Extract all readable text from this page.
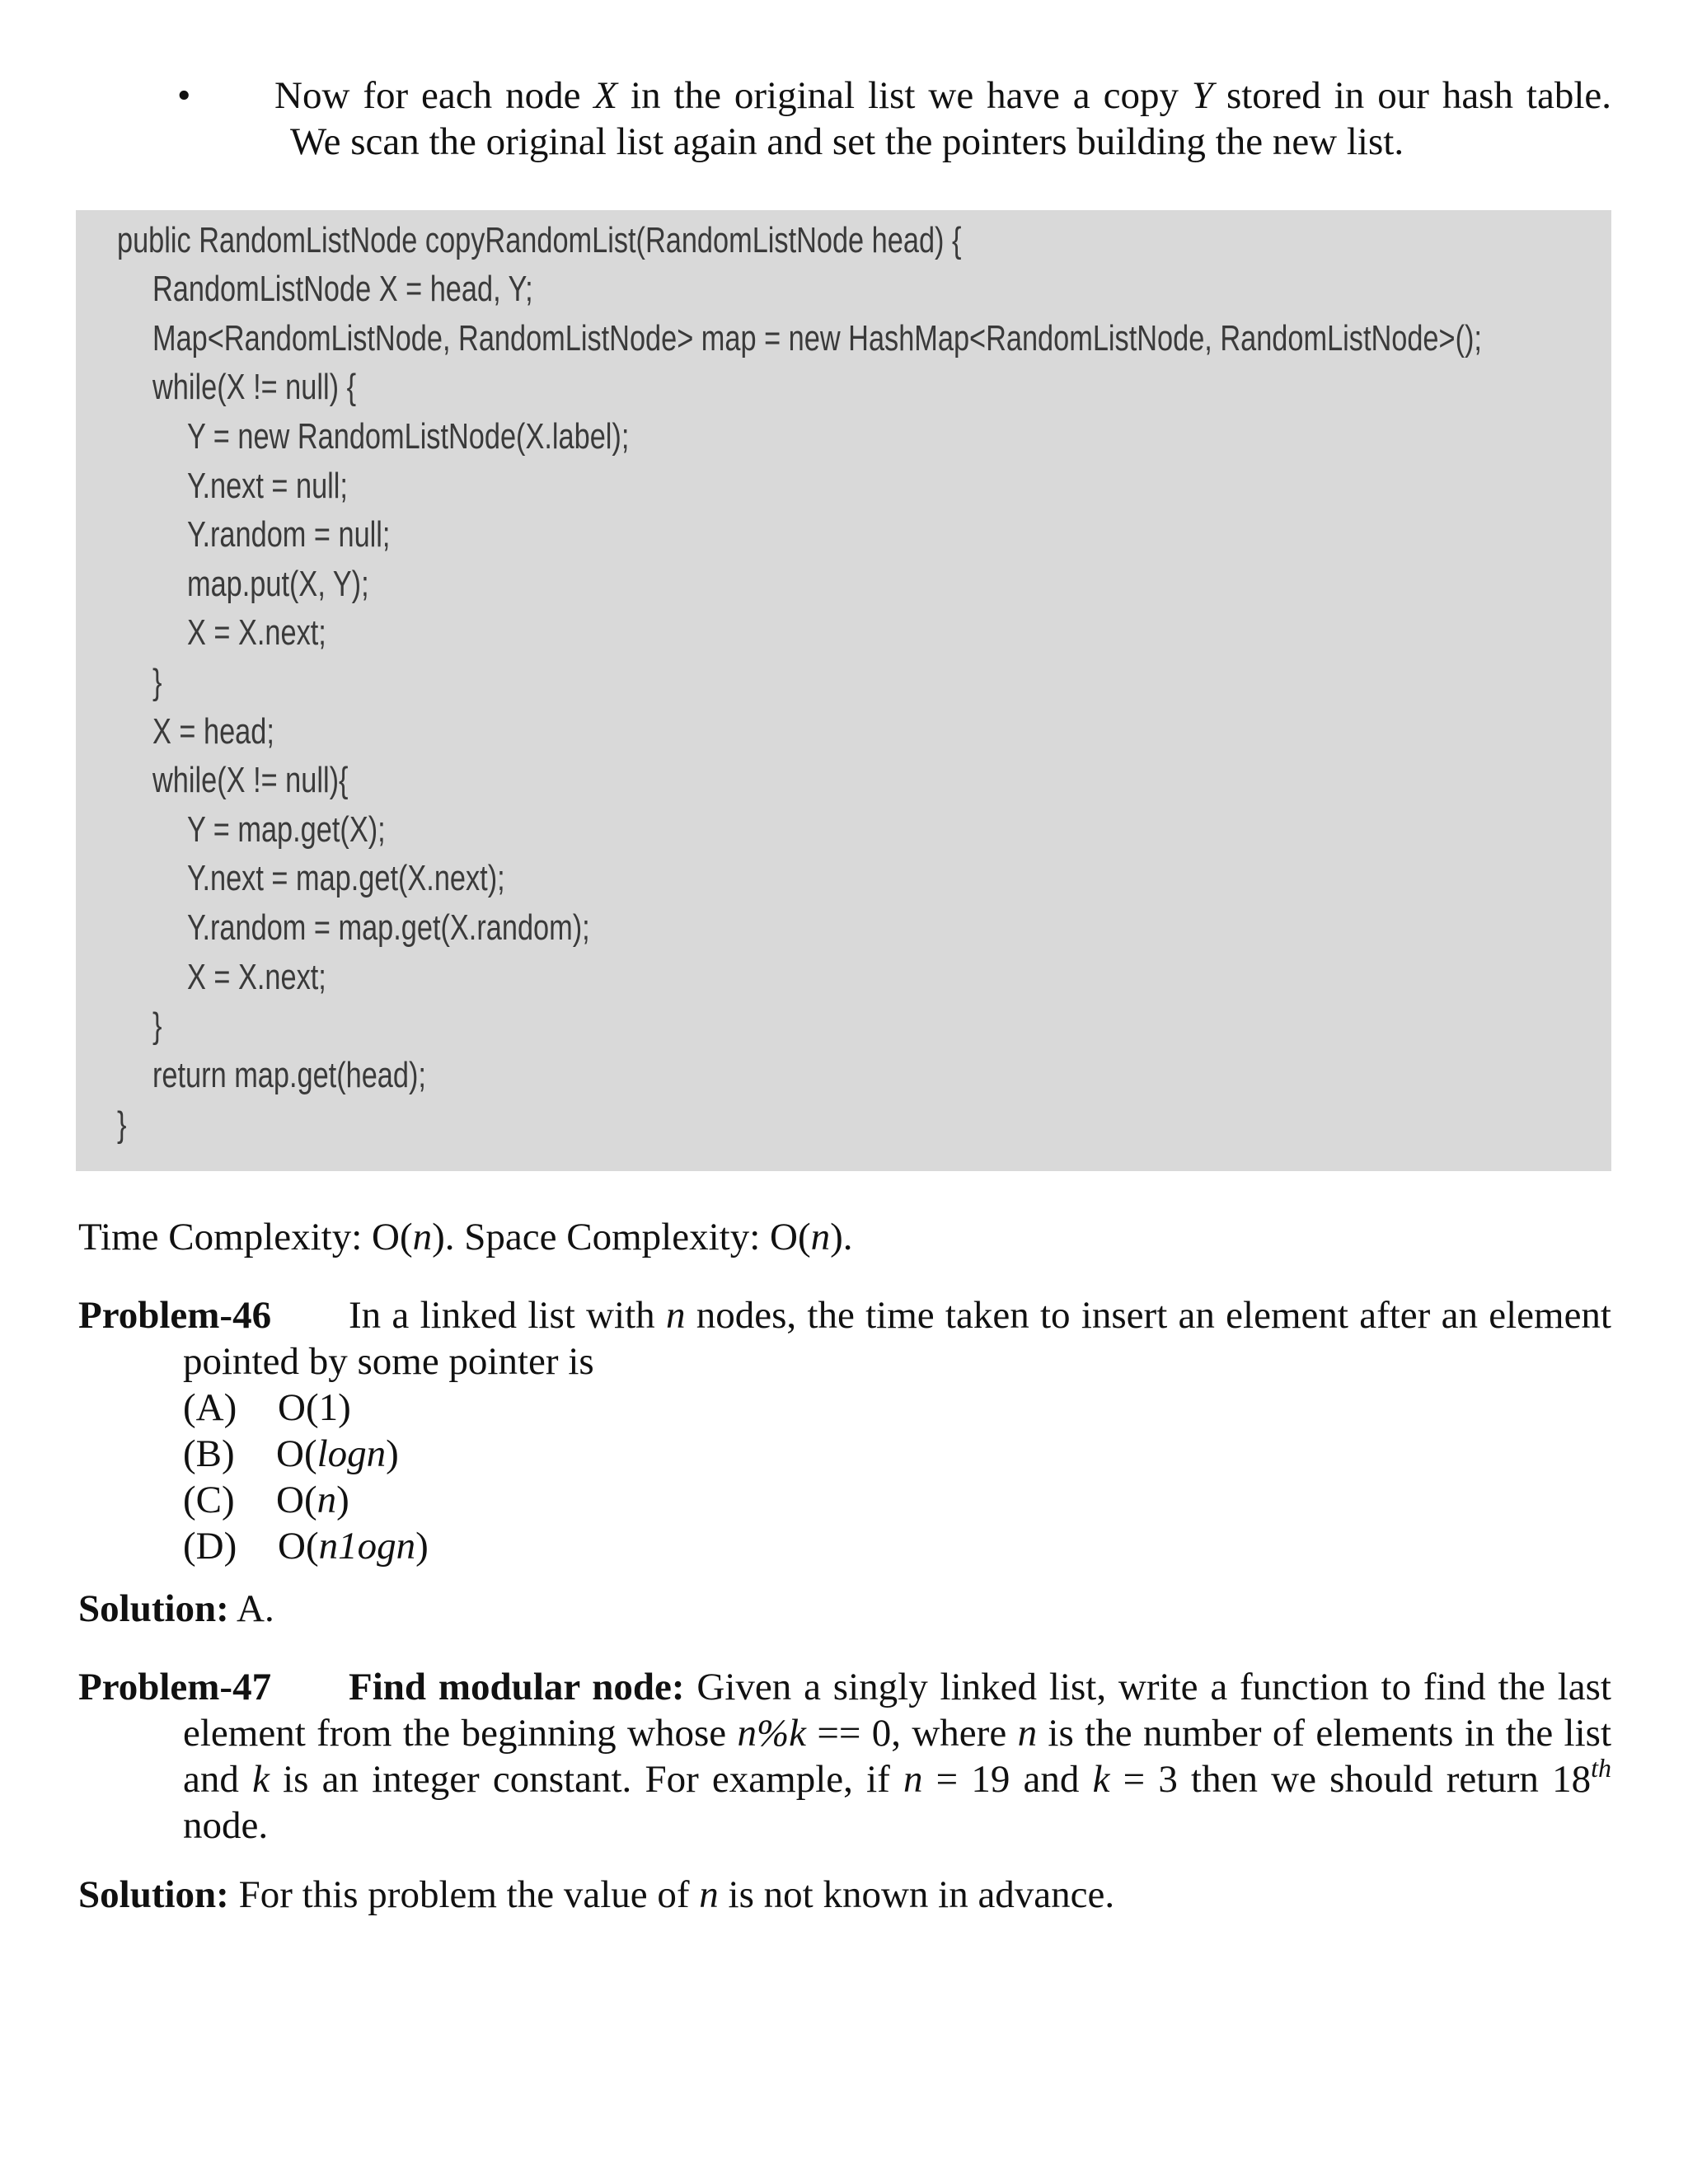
• Now for each node X in the original list we have a copy Y stored in our hash table.
We scan the original list again and set the pointers building the new list.
public RandomListNode copyRandomList(RandomListNode head) {
RandomListNode X = head, Y;
Map<RandomListNode, RandomListNode> map = new HashMap<RandomListNode, RandomListNode>();
while(X != null) {
Y = new RandomListNode(X.label);
Y.next = null;
Y.random = null;
map.put(X, Y);
X = X.next;
}
X = head;
while(X != null){
Y = map.get(X);
Y.next = map.get(X.next);
Y.random = map.get(X.random);
X = X.next;
}
return map.get(head);
}
Time Complexity: O(n). Space Complexity: O(n).
Problem-46 In a linked list with n nodes, the time taken to insert an element after an element
pointed by some pointer is
(A) O(1)
(B) O(logn)
(C) O(n)
(D) O(n1ogn)
Solution: A.
Problem-47 Find modular node: Given a singly linked list, write a function to find the last
element from the beginning whose n%k == 0, where n is the number of elements in the list
and k is an integer constant. For example, if n = 19 and k = 3 then we should return 18th
node.
Solution: For this problem the value of n is not known in advance.
